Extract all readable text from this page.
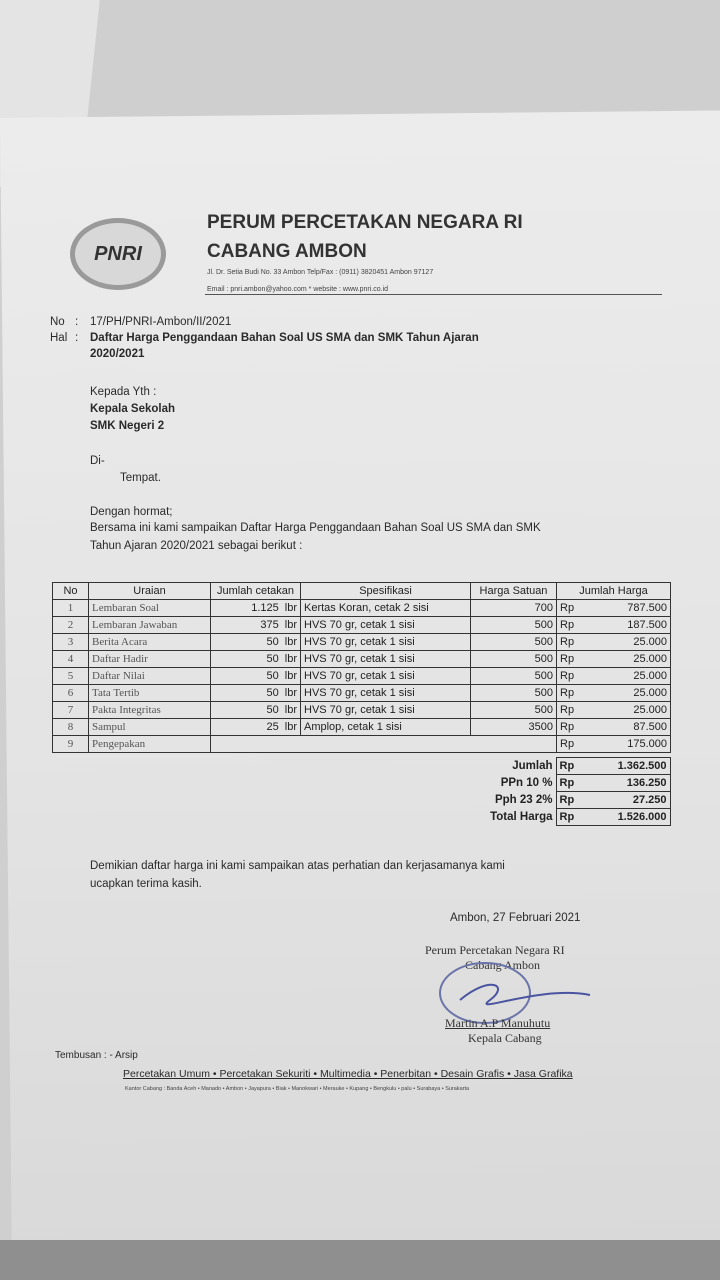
PNRI
PERUM PERCETAKAN NEGARA RI
CABANG AMBON
Jl. Dr. Setia Budi No. 33 Ambon Telp/Fax : (0911) 3820451 Ambon 97127
Email : pnri.ambon@yahoo.com * website : www.pnri.co.id
No : 17/PH/PNRI-Ambon/II/2021
Hal : Daftar Harga Penggandaan Bahan Soal US SMA dan SMK Tahun Ajaran
2020/2021
Kepada Yth :
Kepala Sekolah
SMK Negeri 2
Di-
Tempat.
Dengan hormat;
Bersama ini kami sampaikan Daftar Harga Penggandaan Bahan Soal US SMA dan SMK
Tahun Ajaran 2020/2021 sebagai berikut :
No	Uraian	Jumlah cetakan		Spesifikasi	Harga Satuan	Jumlah Harga	
1	Lembaran Soal	1.125	lbr	Kertas Koran, cetak 2 sisi	700	Rp	787.500
2	Lembaran Jawaban	375	lbr	HVS 70 gr, cetak 1 sisi	500	Rp	187.500
3	Berita Acara	50	lbr	HVS 70 gr, cetak 1 sisi	500	Rp	25.000
4	Daftar Hadir	50	lbr	HVS 70 gr, cetak 1 sisi	500	Rp	25.000
5	Daftar Nilai	50	lbr	HVS 70 gr, cetak 1 sisi	500	Rp	25.000
6	Tata Tertib	50	lbr	HVS 70 gr, cetak 1 sisi	500	Rp	25.000
7	Pakta Integritas	50	lbr	HVS 70 gr, cetak 1 sisi	500	Rp	25.000
8	Sampul	25	lbr	Amplop, cetak 1 sisi	3500	Rp	87.500
9	Pengepakan					Rp	175.000
Jumlah	Rp	1.362.500
PPn 10 %	Rp	136.250
Pph 23 2%	Rp	27.250
Total Harga	Rp	1.526.000
Demikian daftar harga ini kami sampaikan atas perhatian dan kerjasamanya kami
ucapkan terima kasih.
Ambon, 27 Februari 2021
Perum Percetakan Negara RI
Cabang Ambon
Martin A.P Manuhutu
Kepala Cabang
Tembusan : - Arsip
Percetakan Umum • Percetakan Sekuriti • Multimedia • Penerbitan • Desain Grafis • Jasa Grafika
Kantor Cabang : Banda Aceh • Manado • Ambon • Jayapura • Biak • Manokwari • Merauke • Kupang • Bengkulu • palu • Surabaya • Surakarta
